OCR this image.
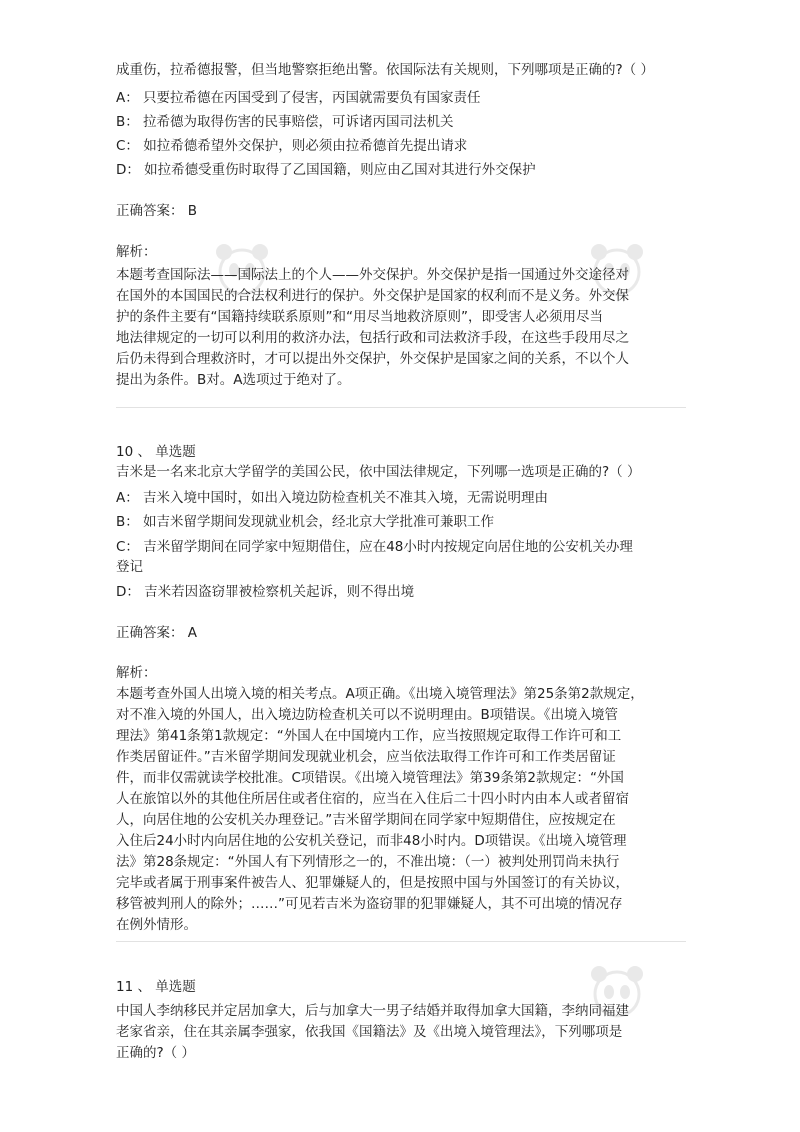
成重伤，拉希德报警，但当地警察拒绝出警。依国际法有关规则，下列哪项是正确的?（ ）
A： 只要拉希德在丙国受到了侵害，丙国就需要负有国家责任
B： 拉希德为取得伤害的民事赔偿，可诉诸丙国司法机关
C： 如拉希德希望外交保护，则必须由拉希德首先提出请求
D： 如拉希德受重伤时取得了乙国国籍，则应由乙国对其进行外交保护
正确答案： B
解析：
本题考查国际法——国际法上的个人——外交保护。外交保护是指一国通过外交途径对
在国外的本国国民的合法权利进行的保护。外交保护是国家的权利而不是义务。外交保
护的条件主要有“国籍持续联系原则”和“用尽当地救济原则”，即受害人必须用尽当
地法律规定的一切可以利用的救济办法，包括行政和司法救济手段，在这些手段用尽之
后仍未得到合理救济时，才可以提出外交保护，外交保护是国家之间的关系，不以个人
提出为条件。B对。A选项过于绝对了。
10 、 单选题
吉米是一名来北京大学留学的美国公民，依中国法律规定，下列哪一选项是正确的?（ ）
A： 吉米入境中国时，如出入境边防检查机关不准其入境，无需说明理由
B： 如吉米留学期间发现就业机会，经北京大学批准可兼职工作
C： 吉米留学期间在同学家中短期借住，应在48小时内按规定向居住地的公安机关办理
登记
D： 吉米若因盗窃罪被检察机关起诉，则不得出境
正确答案： A
解析：
本题考查外国人出境入境的相关考点。A项正确。《出境入境管理法》第25条第2款规定，
对不准入境的外国人，出入境边防检查机关可以不说明理由。B项错误。《出境入境管
理法》第41条第1款规定：“外国人在中国境内工作，应当按照规定取得工作许可和工
作类居留证件。”吉米留学期间发现就业机会，应当依法取得工作许可和工作类居留证
件，而非仅需就读学校批准。C项错误。《出境入境管理法》第39条第2款规定：“外国
人在旅馆以外的其他住所居住或者住宿的，应当在入住后二十四小时内由本人或者留宿
人，向居住地的公安机关办理登记。”吉米留学期间在同学家中短期借住，应按规定在
入住后24小时内向居住地的公安机关登记，而非48小时内。D项错误。《出境入境管理
法》第28条规定：“外国人有下列情形之一的，不准出境：（一）被判处刑罚尚未执行
完毕或者属于刑事案件被告人、犯罪嫌疑人的，但是按照中国与外国签订的有关协议，
移管被判刑人的除外；……”可见若吉米为盗窃罪的犯罪嫌疑人，其不可出境的情况存
在例外情形。
11 、 单选题
中国人李纳移民并定居加拿大，后与加拿大一男子结婚并取得加拿大国籍，李纳同福建
老家省亲，住在其亲属李强家，依我国《国籍法》及《出境入境管理法》，下列哪项是
正确的?（ ）
